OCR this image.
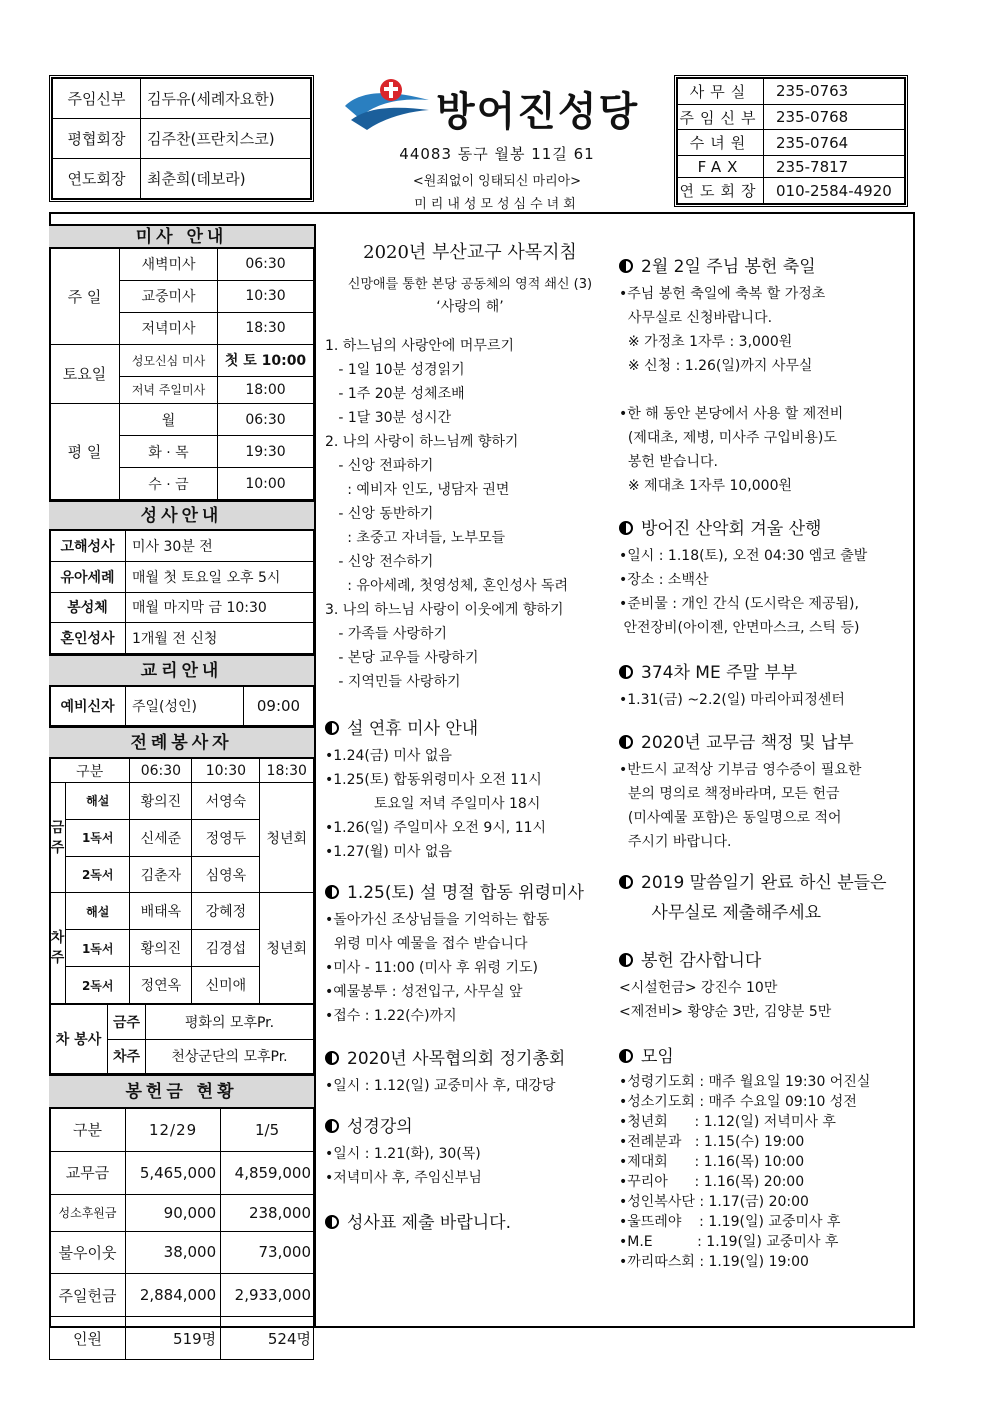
주임신부	김두유(세례자요한)
평협회장	김주찬(프란치스코)
연도회장	최춘희(데보라)
방어진성당
44083 동구 월봉 11길 61
<원죄없이 잉태되신 마리아>
미리내성모성심수녀회
사무실	235-0763
주임신부	235-0768
수녀원	235-0764
FAX	235-7817
연도회장	010-2584-4920
미사 안내
주 일	새벽미사	06:30
	교중미사	10:30
	저녁미사	18:30
토요일	성모신심 미사	첫 토 10:00
	저녁 주일미사	18:00
평 일	월	06:30
	화 · 목	19:30
	수 · 금	10:00
성사안내
고해성사	미사 30분 전
유아세례	매월 첫 토요일 오후 5시
봉성체	매월 마지막 금 10:30
혼인성사	1개월 전 신청
교리안내
예비신자	주일(성인)	09:00
전례봉사자
구분		06:30	10:30	18:30
금주	해설	황의진	서영숙	청년회
	1독서	신세준	정영두	
	2독서	김춘자	심영옥	
차주	해설	배태옥	강혜정	청년회
	1독서	황의진	김경섭	
	2독서	정연옥	신미애	
차 봉사	금주	평화의 모후Pr.
	차주	천상군단의 모후Pr.
봉헌금 현황
구분	12/29	1/5
교무금	5,465,000	4,859,000
성소후원금	90,000	238,000
불우이웃	38,000	73,000
주일헌금	2,884,000	2,933,000
인원	519명	524명
2020년 부산교구 사목지침
신망애를 통한 본당 공동체의 영적 쇄신 (3)
‘사랑의 해’
1. 하느님의 사랑안에 머무르기
- 1일 10분 성경읽기
- 1주 20분 성체조배
- 1달 30분 성시간
2. 나의 사랑이 하느님께 향하기
- 신앙 전파하기
: 예비자 인도, 냉담자 권면
- 신앙 동반하기
: 초중고 자녀들, 노부모들
- 신앙 전수하기
: 유아세례, 첫영성체, 혼인성사 독려
3. 나의 하느님 사랑이 이웃에게 향하기
- 가족들 사랑하기
- 본당 교우들 사랑하기
- 지역민들 사랑하기
설 연휴 미사 안내
•1.24(금) 미사 없음
•1.25(토) 합동위령미사 오전 11시
토요일 저녁 주일미사 18시
•1.26(일) 주일미사 오전 9시, 11시
•1.27(월) 미사 없음
1.25(토) 설 명절 합동 위령미사
•돌아가신 조상님들을 기억하는 합동
위령 미사 예물을 접수 받습니다
•미사 - 11:00 (미사 후 위령 기도)
•예물봉투 : 성전입구, 사무실 앞
•접수 : 1.22(수)까지
2020년 사목협의회 정기총회
•일시 : 1.12(일) 교중미사 후, 대강당
성경강의
•일시 : 1.21(화), 30(목)
•저녁미사 후, 주임신부님
성사표 제출 바랍니다.
2월 2일 주님 봉헌 축일
•주님 봉헌 축일에 축복 할 가정초
사무실로 신청바랍니다.
※ 가정초 1자루 : 3,000원
※ 신청 : 1.26(일)까지 사무실
•한 해 동안 본당에서 사용 할 제전비
(제대초, 제병, 미사주 구입비용)도
봉헌 받습니다.
※ 제대초 1자루 10,000원
방어진 산악회 겨울 산행
•일시 : 1.18(토), 오전 04:30 엠코 출발
•장소 : 소백산
•준비물 : 개인 간식 (도시락은 제공됨),
안전장비(아이젠, 안면마스크, 스틱 등)
374차 ME 주말 부부
•1.31(금) ~2.2(일) 마리아피정센터
2020년 교무금 책정 및 납부
•반드시 교적상 기부금 영수증이 필요한
분의 명의로 책정바라며, 모든 헌금
(미사예물 포함)은 동일명으로 적어
주시기 바랍니다.
2019 말씀일기 완료 하신 분들은
사무실로 제출해주세요
봉헌 감사합니다
<시설헌금> 강진수 10만
<제전비> 황양순 3만, 김양분 5만
모임
•성령기도회 : 매주 월요일 19:30 어진실
•성소기도회 : 매주 수요일 09:10 성전
•청년회      : 1.12(일) 저녁미사 후
•전례분과   : 1.15(수) 19:00
•제대회      : 1.16(목) 10:00
•꾸리아      : 1.16(목) 20:00
•성인복사단 : 1.17(금) 20:00
•울뜨레야    : 1.19(일) 교중미사 후
•M.E          : 1.19(일) 교중미사 후
•까리따스회 : 1.19(일) 19:00
